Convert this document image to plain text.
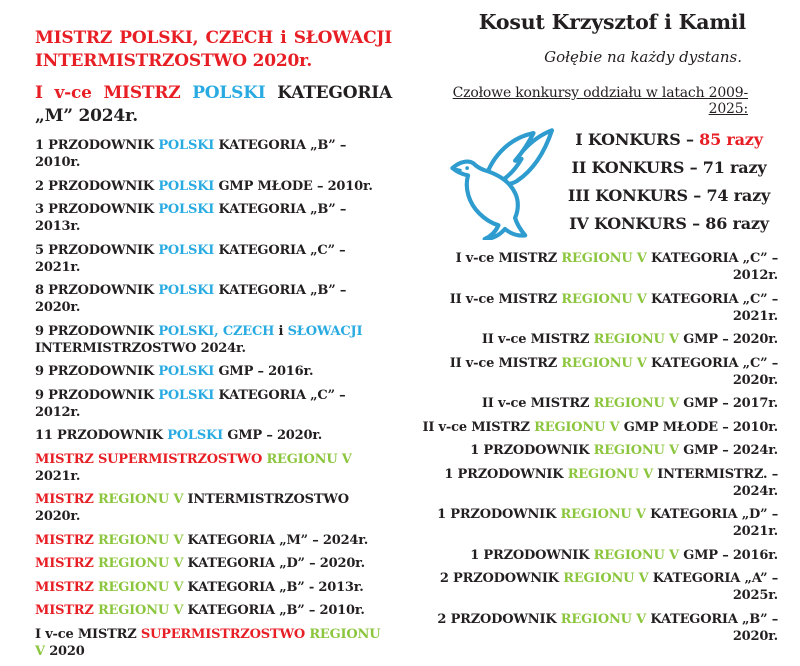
MISTRZ POLSKI, CZECH i SŁOWACJI INTERMISTRZOSTWO 2020r.

I v-ce MISTRZ POLSKI KATEGORIA „M” 2024r.

1 PRZODOWNIK POLSKI KATEGORIA „B” – 2010r.
2 PRZODOWNIK POLSKI GMP MŁODE – 2010r.
3 PRZODOWNIK POLSKI KATEGORIA „B” – 2013r.
5 PRZODOWNIK POLSKI KATEGORIA „C” – 2021r.
8 PRZODOWNIK POLSKI KATEGORIA „B” – 2020r.
9 PRZODOWNIK POLSKI, CZECH i SŁOWACJI INTERMISTRZOSTWO 2024r.
9 PRZODOWNIK POLSKI GMP – 2016r.
9 PRZODOWNIK POLSKI KATEGORIA „C” – 2012r.
11 PRZODOWNIK POLSKI GMP – 2020r.
MISTRZ SUPERMISTRZOSTWO REGIONU V 2021r.
MISTRZ REGIONU V INTERMISTRZOSTWO 2020r.
MISTRZ REGIONU V KATEGORIA „M” – 2024r.
MISTRZ REGIONU V KATEGORIA „D” – 2020r.
MISTRZ REGIONU V KATEGORIA „B” - 2013r.
MISTRZ REGIONU V KATEGORIA „B” – 2010r.
I v-ce MISTRZ SUPERMISTRZOSTWO REGIONU V 2020
Kosut Krzysztof i Kamil

Gołębie na każdy dystans.

Czołowe konkursy oddziału w latach 2009-2025:

I KONKURS – 85 razy
II KONKURS – 71 razy
III KONKURS – 74 razy
IV KONKURS – 86 razy
I v-ce MISTRZ REGIONU V KATEGORIA „C” – 2012r.
II v-ce MISTRZ REGIONU V KATEGORIA „C” – 2021r.
II v-ce MISTRZ REGIONU V GMP – 2020r.
II v-ce MISTRZ REGIONU V KATEGORIA „C” – 2020r.
II v-ce MISTRZ REGIONU V GMP – 2017r.
II v-ce MISTRZ REGIONU V GMP MŁODE – 2010r.
1 PRZODOWNIK REGIONU V GMP – 2024r.
1 PRZODOWNIK REGIONU V INTERMISTRZ. – 2024r.
1 PRZODOWNIK REGIONU V KATEGORIA „D” – 2021r.
1 PRZODOWNIK REGIONU V GMP – 2016r.
2 PRZODOWNIK REGIONU V KATEGORIA „A” – 2025r.
2 PRZODOWNIK REGIONU V KATEGORIA „B” – 2020r.
